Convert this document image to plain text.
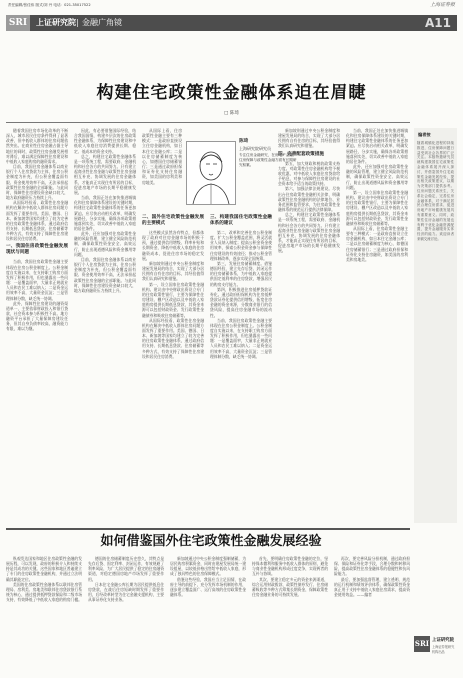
责任编辑/张佳伟 版式/刘 丹 电话：021-35017522	上海证券报
SRI	上证研究院 金融广角镜	A11
构建住宅政策性金融体系迫在眉睫
□ 陈琦

随着我国住房市场化改革的不断深入，城市居民住房条件得到了显著改善，但中低收入群体的住房问题依然突出。在商业性住房金融占据主导地位的同时，政策性住房金融发展相对滞后，难以满足保障性住房建设和中低收入家庭购房的融资需求。

目前，我国住房金融体系以商业银行个人住房贷款为主体，住房公积金制度为补充，但公积金覆盖面有限、资金使用效率不高，无法承担起政策性住房金融的全部职能。与此同时，保障性住房建设资金缺口较大，地方政府融资压力持续上升。

从国际经验看，政策性住房金融机构在解决中低收入群体住房问题方面发挥了重要作用。美国、德国、日本、新加坡等国家均建立了较为完善的住房政策性金融体系，通过政府信用支持、长期低息贷款、住房储蓄等多种方式，有效支持了保障性住房建设和居民住房消费。

一、我国住房政策性金融发展现状与问题

当前，我国住房政策性金融主要体现在住房公积金制度上。公积金制度自实施以来，在支持职工购房方面发挥了积极作用，但也暴露出一些问题：一是覆盖面窄，大量非正规就业人员和农民工难以纳入；二是资金运用效率不高，大量资金沉淀；三是管理体制分散，缺乏统一协调。

此外，保障性住房建设的融资渠道单一，主要依靠财政投入和银行贷款，社会资本参与积极性不高。地方融资平台承担了大量保障房建设任务，但其自身负债率较高，融资能力有限，难以为继。

因此，有必要借鉴国际经验，结合我国国情，构建多层次的住房政策性金融体系，为保障性住房建设和中低收入家庭住房消费提供长期、稳定、低成本的资金支持。

总之，构建住宅政策性金融体系是一项系统工程，需要政府、金融机构和社会各方的共同努力。只有建立起商业性住房金融与政策性住房金融相互补充、协调发展的住房金融体系，才能真正实现住有所居的目标，促进房地产市场的长期平稳健康发展。

当前，我国正处在加快推进城镇化和住房保障体系建设的关键时期，构建住宅政策性金融体系的任务更加紧迫。应尽快启动相关改革，明确发展路径，分步实施，确保各项政策措施落到实处，切实改善中低收入家庭的居住条件。

此外，还应加强对住房政策性金融的风险管理，建立健全风险防范机制，确保政策性资金安全、高效运行，防止出现道德风险和资金挪用等问题。

目前，我国住房金融体系以商业银行个人住房贷款为主体，住房公积金制度为补充，但公积金覆盖面有限、资金使用效率不高，无法承担起政策性住房金融的全部职能。与此同时，保障性住房建设资金缺口较大，地方政府融资压力持续上升。

从国际上看，住房政策性金融主要有三种模式：一是政府直接设立住房金融机构，如日本住宅金融公库；二是以住房储蓄制度为核心，如德国住房储蓄银行；三是通过政府担保和证券化支持住房融资，如美国的房利美和房地美。

陈琦
上海研究院研究员
专注住房金融研究，在房地产金融、住房保障与政策性金融方面有长期研究积累。
二、国外住宅政策性金融发展的主要模式

这些模式虽然各有特点，但都体现了政府对住房金融市场的积极干预，通过提供信用增级、利率补贴和长期资金，降低中低收入家庭的住房融资成本，促进住房市场的稳定发展。

新加坡则通过中央公积金制度和建屋发展局的结合，实现了大部分居民拥有自有住房的目标，其经验值得我们认真研究和借鉴。

第一，设立国家住房政策性金融机构。建议由中央财政出资设立专门的住房政策性银行，主要为保障性住房建设、棚户区改造以及中低收入家庭购房提供长期低息贷款，其资金来源可以包括财政资金、发行政策性金融债券和吸收住房储蓄等。

从国际经验看，政策性住房金融机构在解决中低收入群体住房问题方面发挥了重要作用。美国、德国、日本、新加坡等国家均建立了较为完善的住房政策性金融体系，通过政府信用支持、长期低息贷款、住房储蓄等多种方式，有效支持了保障性住房建设和居民住房消费。

三、构建我国住宅政策性金融体系的建议

第二，改革和完善住房公积金制度。扩大公积金覆盖范围，将灵活就业人员纳入制度；提高公积金资金使用效率，探索公积金资金参与保障性住房建设的有效途径；推动公积金管理体制改革，逐步实现全国统筹。

第三，发展住房储蓄制度。借鉴德国经验，建立先存后贷、封闭运作的住房储蓄体系，为中低收入家庭提供固定低利率的住房贷款，增强居民的购房支付能力。

第四，积极推进住房抵押贷款证券化。通过政府担保机构为住房抵押贷款证券化提供信用增级，拓宽住房金融的资金来源，分散商业银行的信贷风险，提高住房金融市场的流动性。

当前，我国住房政策性金融主要体现在住房公积金制度上。公积金制度自实施以来，在支持职工购房方面发挥了积极作用，但也暴露出一些问题：一是覆盖面窄，大量非正规就业人员和农民工难以纳入；二是资金运用效率不高，大量资金沉淀；三是管理体制分散，缺乏统一协调。

新加坡则通过中央公积金制度和建屋发展局的结合，实现了大部分居民拥有自有住房的目标，其经验值得我们认真研究和借鉴。

四、完善配套政策措施

第五，加大财政和税收政策支持力度。对政策性住房金融机构给予税收优惠，对中低收入家庭住房贷款给予贴息，对参与保障性住房建设的社会资本给予适当的政策扶持。

第六，加强法律法规建设。尽快出台住房政策性金融相关法律，明确政策性住房金融机构的法律地位、业务范围和监管要求，为住房政策性金融体系的规范运行提供法律保障。

总之，构建住宅政策性金融体系是一项系统工程，需要政府、金融机构和社会各方的共同努力。只有建立起商业性住房金融与政策性住房金融相互补充、协调发展的住房金融体系，才能真正实现住有所居的目标，促进房地产市场的长期平稳健康发展。

当前，我国正处在加快推进城镇化和住房保障体系建设的关键时期，构建住宅政策性金融体系的任务更加紧迫。应尽快启动相关改革，明确发展路径，分步实施，确保各项政策措施落到实处，切实改善中低收入家庭的居住条件。

此外，还应加强对住房政策性金融的风险管理，建立健全风险防范机制，确保政策性资金安全、高效运行，防止出现道德风险和资金挪用等问题。

第一，设立国家住房政策性金融机构。建议由中央财政出资设立专门的住房政策性银行，主要为保障性住房建设、棚户区改造以及中低收入家庭购房提供长期低息贷款，其资金来源可以包括财政资金、发行政策性金融债券和吸收住房储蓄等。

从国际上看，住房政策性金融主要有三种模式：一是政府直接设立住房金融机构，如日本住宅金融公库；二是以住房储蓄制度为核心，如德国住房储蓄银行；三是通过政府担保和证券化支持住房融资，如美国的房利美和房地美。

编者按
随着城镇化进程的持续推进，住房保障问题日益受到社会各界的广泛关注。本版特邀研究员就构建我国住宅政策性金融体系展开深入探讨，并借鉴国外住宅政策性金融发展经验，提出相关政策建议，以期为决策部门提供参考。住房问题关系民生，关系社会稳定，完善住房金融体系，对于满足居民合理住房需求、促进房地产市场健康发展具有重要意义。同时，政策性住房金融的发展也有利于优化金融资源配置，提升金融服务实体经济的能力。欢迎读者来稿交流讨论。
如何借鉴国外住宅政策性金融发展经验

纵观发达国家和地区住房政策性金融的发展历程，可以发现，政府的积极介入和持续支持是其成功的关键。这些国家和地区普遍建立了专门的住房政策性金融机构，并通过立法明确其职能定位。

美国的住房政策性金融体系以联邦住房管理局、房利美、房地美和联邦住房贷款银行系统为核心，通过提供抵押贷款保险和二级市场支持，有效降低了中低收入家庭的购房门槛。

德国的住房储蓄制度历史悠久，其特点是先存后贷、固定利率、封闭运作，有效规避了利率风险，为广大居民提供了稳定的住房融资渠道，对稳定德国房地产市场发挥了重要作用。

日本住宅金融公库长期为居民提供低息住房贷款，在战后住房短缺时期发挥了重要作用，后经改革转型为住宅金融支援机构，主要从事证券化支持业务。

新加坡通过中央公积金制度强制储蓄，为居民购房积累资金，同时由建屋发展局统一建设组屋，以较低价格出售给中低收入家庭，形成了独具特色的住房保障模式。

借鉴这些经验，我国应当立足国情，在政府主导的前提下，充分发挥市场机制的作用，逐步建立覆盖面广、运行高效的住房政策性金融体系。

首先，要明确住房政策性金融的定位，坚持保本微利和服务中低收入群体的原则，避免与商业性金融机构形成过度竞争，实现两者的互补与协调。

其次，要建立稳定多元的资金来源渠道，综合运用财政拨款、政策性债券发行、住房储蓄吸收等多种方式筹集长期资金，保障政策性住房金融业务的可持续发展。

再次，要完善风险分担机制，通过政府担保、保险和证券化等手段，合理分散和转移风险，提高政策性住房金融体系的稳健性和抗风险能力。

最后，要加强监督管理，建立透明、规范的运行机制和绩效评价体系，确保政策性资金真正用于支持中低收入家庭住房需求，提高资金使用效益。——编者

SRI 上证研究院
上海证券报研究机构出品
